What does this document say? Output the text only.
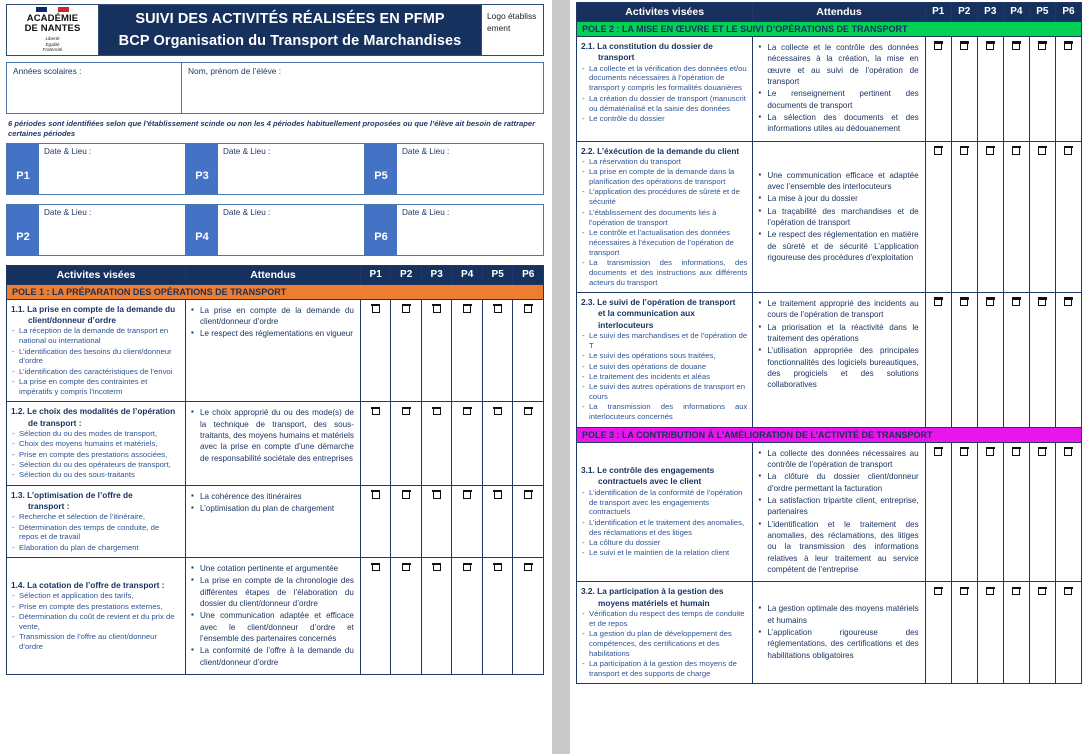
ACADÉMIE
DE NANTES
Liberté
Égalité
Fraternité
SUIVI DES ACTIVITÉS RÉALISÉES EN PFMP
BCP Organisation du Transport de Marchandises
Logo établissement
Années scolaires :	Nom, prénom de l’élève :
6 périodes sont identifiées selon que l’établissement scinde ou non les 4 périodes habituellement proposées ou que l’élève ait besoin de rattraper certaines périodes
P1
Date & Lieu :
P3
Date & Lieu :
P5
Date & Lieu :
P2
Date & Lieu :
P4
Date & Lieu :
P6
Date & Lieu :
Activites visées	Attendus	P1	P2	P3	P4	P5	P6
POLE 1 : LA PRÉPARATION DES OPÉRATIONS DE TRANSPORT							

1.1. La prise en compte de la demande du
client/donneur d’ordre
- La réception de la demande de transport en national ou international
- L’identification des besoins du client/donneur d’ordre
- L’identification des caractéristiques de l’envoi
- La prise en compte des contraintes et impératifs y compris l’incoterm

▪ La prise en compte de la demande du client/donneur d’ordre
▪ Le respect des réglementations en vigueur

1.2. Le choix des modalités de l’opération
de transport :
- Sélection du ou des modes de transport,
- Choix des moyens humains et matériels,
- Prise en compte des prestations associées,
- Sélection du ou des opérateurs de transport,
- Sélection du ou des sous-traitants

▪ Le choix approprié du ou des mode(s) de la technique de transport, des sous-traitants, des moyens humains et matériels avec la prise en compte d’une démarche de responsabilité sociétale des entreprises

1.3. L’optimisation de l’offre de
transport :
- Recherche et sélection de l’itinéraire,
- Détermination des temps de conduite, de repos et de travail
- Elaboration du plan de chargement

▪ La cohérence des itinéraires
▪ L’optimisation du plan de chargement

1.4. La cotation de l’offre de transport :
- Sélection et application des tarifs,
- Prise en compte des prestations externes,
- Détermination du coût de revient et du prix de vente,
- Transmission de l’offre au client/donneur d’ordre

▪ Une cotation pertinente et argumentée
▪ La prise en compte de la chronologie des différentes étapes de l’élaboration du dossier du client/donneur d’ordre
▪ Une communication adaptée et efficace avec le client/donneur d’ordre et l’ensemble des partenaires concernés
▪ La conformité de l’offre à la demande du client/donneur d’ordre

Activites visées	Attendus	P1	P2	P3	P4	P5	P6
POLE 2 : LA MISE EN ŒUVRE ET LE SUIVI D’OPÉRATIONS DE TRANSPORT							

2.1. La constitution du dossier de
transport
- La collecte et la vérification des données et/ou documents nécessaires à l’opération de transport y compris les formalités douanières
- La création du dossier de transport (manuscrit ou dématérialisé et la saisie des données
- Le contrôle du dossier

▪ La collecte et le contrôle des données nécessaires à la création, la mise en œuvre et au suivi de l’opération de transport
▪ Le renseignement pertinent des documents de transport
▪ La sélection des documents et des informations utiles au dédouanement

2.2. L’éxécution de la demande du client
- La réservation du transport
- La prise en compte de la demande dans la planification des opérations de transport
- L’application des procédures de sûreté et de sécurité
- L’établissement des documents liés à l’opération de transport
- Le contrôle et l’actualisation des données nécessaires à l’éxecution de l’opération de transport
- La transmission des informations, des documents et des instructions aux différents acteurs du transport

▪ Une communication efficace et adaptée avec l’ensemble des interlocuteurs
▪ La mise à jour du dossier
▪ La traçabilité des marchandises et de l’opération de transport
▪ Le respect des réglementation en matière de sûreté et de sécurité L’application rigoureuse des procédures d’exploitation

2.3. Le suivi de l’opération de transport
et la communication aux
interlocuteurs
- Le suivi des marchandises et de l’opération de T
- Le suivi des opérations sous traitées,
- Le suivi des opérations de douane
- Le traitement des incidents et aléas
- Le suivi des autres opérations de transport en cours
- La transmission des informations aux interlocuteurs concernés

▪ Le traitement approprié des incidents au cours de l’opération de transport
▪ La priorisation et la réactivité dans le traitement des opérations
▪ L’utilisation appropriée des principales fonctionnalités des logiciels bureautiques, des progiciels et des solutions collaboratives

POLE 3 : LA CONTRIBUTION À L’AMÉLIORATION DE L’ACTIVITÉ DE TRANSPORT							

3.1. Le contrôle des engagements
contractuels avec le client
- L’identification de la conformité de l’opération de transport avec les engagements contractuels
- L’identification et le traitement des anomalies, des réclamations et des litiges
- La côlture du dossier
- Le suivi et le maintien de la relation client

▪ La collecte des données nécessaires au contrôle de l’opération de transport
▪ La clôture du dossier client/donneur d’ordre permettant la facturation
▪ La satisfaction tripartite client, entreprise, partenaires
▪ L’identification et le traitement des anomalies, des réclamations, des litiges ou la transmission des informations relatives à leur traitement au service compétent de l’entreprise

3.2. La participation à la gestion des
moyens matériels et humain
- Vérification du respect des temps de conduite et de repos
- La gestion du plan de développement des compétences, des certifications et des habilitations
- La participation à la gestion des moyens de transport et des supports de charge

▪ La gestion optimale des moyens matériels et humains
▪ L’application rigoureuse des réglementations, des certifications et des habilitations obligatoires
